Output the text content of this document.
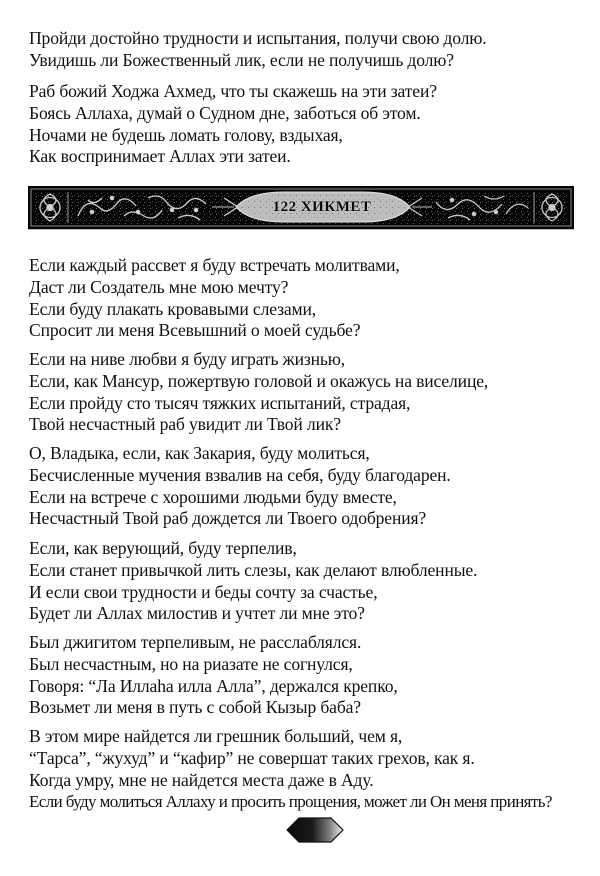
Пройди достойно трудности и испытания, получи свою долю.
Увидишь ли Божественный лик, если не получишь долю?
Раб божий Ходжа Ахмед, что ты скажешь на эти затеи?
Боясь Аллаха, думай о Судном дне, заботься об этом.
Ночами не будешь ломать голову, вздыхая,
Как воспринимает Аллах эти затеи.
122 ХИКМЕТ
Если каждый рассвет я буду встречать молитвами,
Даст ли Создатель мне мою мечту?
Если буду плакать кровавыми слезами,
Спросит ли меня Всевышний о моей судьбе?
Если на ниве любви я буду играть жизнью,
Если, как Мансур, пожертвую головой и окажусь на виселице,
Если пройду сто тысяч тяжких испытаний, страдая,
Твой несчастный раб увидит ли Твой лик?
О, Владыка, если, как Закария, буду молиться,
Бесчисленные мучения взвалив на себя, буду благодарен.
Если на встрече с хорошими людьми буду вместе,
Несчастный Твой раб дождется ли Твоего одобрения?
Если, как верующий, буду терпелив,
Если станет привычкой лить слезы, как делают влюбленные.
И если свои трудности и беды сочту за счастье,
Будет ли Аллах милостив и учтет ли мне это?
Был джигитом терпеливым, не расслаблялся.
Был несчастным, но на риазате не согнулся,
Говоря: “Ла Иллаhа илла Алла”, держался крепко,
Возьмет ли меня в путь с собой Кызыр баба?
В этом мире найдется ли грешник больший, чем я,
“Тарса”, “жухуд” и “кафир” не совершат таких грехов, как я.
Когда умру, мне не найдется места даже в Аду.
Если буду молиться Аллаху и просить прощения, может ли Он меня принять?
